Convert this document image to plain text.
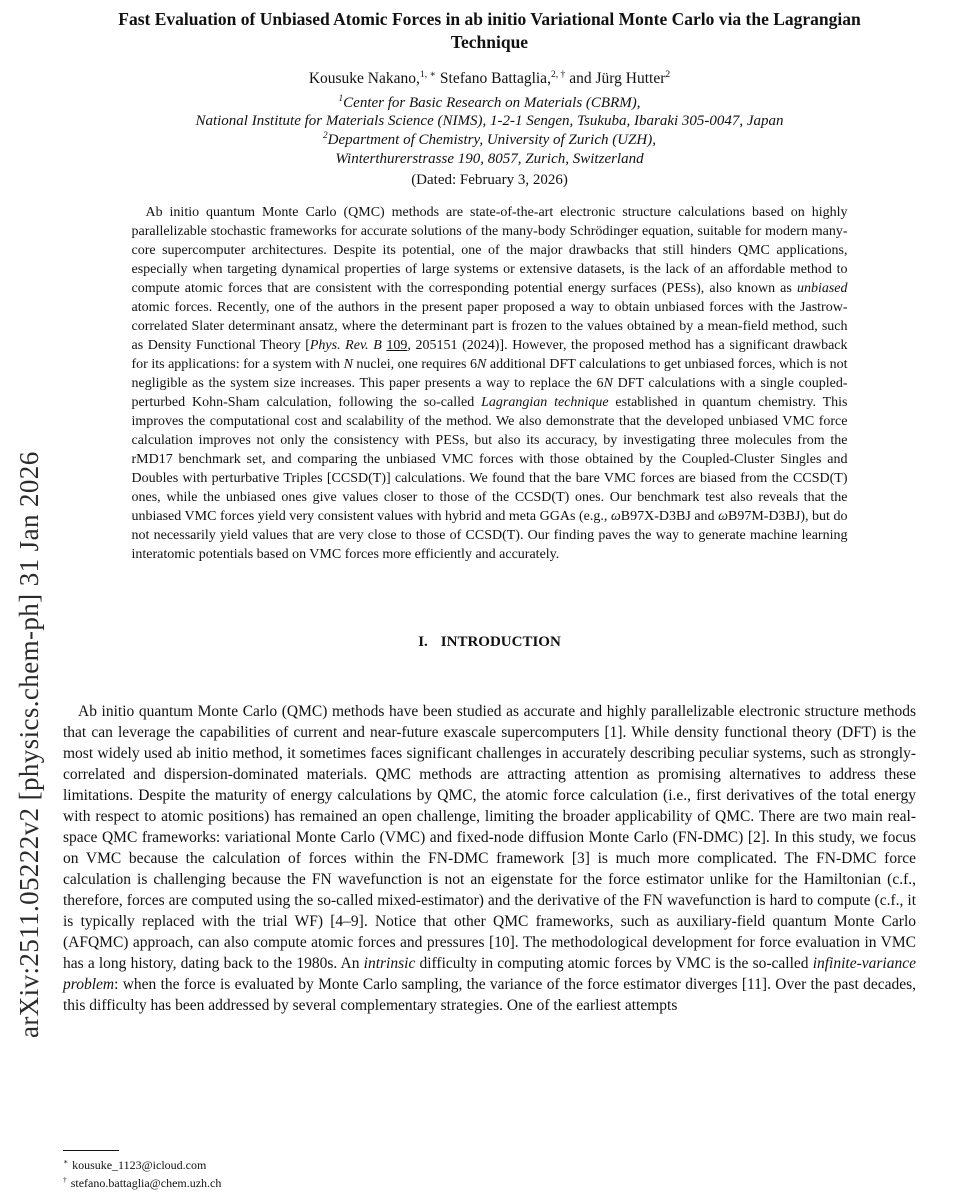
arXiv:2511.05222v2 [physics.chem-ph] 31 Jan 2026
Fast Evaluation of Unbiased Atomic Forces in ab initio Variational Monte Carlo via the Lagrangian Technique
Kousuke Nakano,$^{1, ∗}$ Stefano Battaglia,$^{2, \dagger}$ and Jürg Hutter$^2$
$^1$Center for Basic Research on Materials (CBRM),
National Institute for Materials Science (NIMS), 1-2-1 Sengen, Tsukuba, Ibaraki 305-0047, Japan
$^2$Department of Chemistry, University of Zurich (UZH),
Winterthurerstrasse 190, 8057, Zurich, Switzerland
(Dated: February 3, 2026)
Ab initio quantum Monte Carlo (QMC) methods are state-of-the-art electronic structure calculations based on highly parallelizable stochastic frameworks for accurate solutions of the many-body Schrödinger equation, suitable for modern many-core supercomputer architectures. Despite its potential, one of the major drawbacks that still hinders QMC applications, especially when targeting dynamical properties of large systems or extensive datasets, is the lack of an affordable method to compute atomic forces that are consistent with the corresponding potential energy surfaces (PESs), also known as unbiased atomic forces. Recently, one of the authors in the present paper proposed a way to obtain unbiased forces with the Jastrow-correlated Slater determinant ansatz, where the determinant part is frozen to the values obtained by a mean-field method, such as Density Functional Theory [Phys. Rev. B 109, 205151 (2024)]. However, the proposed method has a significant drawback for its applications: for a system with N nuclei, one requires 6N additional DFT calculations to get unbiased forces, which is not negligible as the system size increases. This paper presents a way to replace the 6N DFT calculations with a single coupled-perturbed Kohn-Sham calculation, following the so-called Lagrangian technique established in quantum chemistry. This improves the computational cost and scalability of the method. We also demonstrate that the developed unbiased VMC force calculation improves not only the consistency with PESs, but also its accuracy, by investigating three molecules from the rMD17 benchmark set, and comparing the unbiased VMC forces with those obtained by the Coupled-Cluster Singles and Doubles with perturbative Triples [CCSD(T)] calculations. We found that the bare VMC forces are biased from the CCSD(T) ones, while the unbiased ones give values closer to those of the CCSD(T) ones. Our benchmark test also reveals that the unbiased VMC forces yield very consistent values with hybrid and meta GGAs (e.g., ωB97X-D3BJ and ωB97M-D3BJ), but do not necessarily yield values that are very close to those of CCSD(T). Our finding paves the way to generate machine learning interatomic potentials based on VMC forces more efficiently and accurately.
I. INTRODUCTION
Ab initio quantum Monte Carlo (QMC) methods have been studied as accurate and highly parallelizable electronic structure methods that can leverage the capabilities of current and near-future exascale supercomputers [1]. While density functional theory (DFT) is the most widely used ab initio method, it sometimes faces significant challenges in accurately describing peculiar systems, such as strongly-correlated and dispersion-dominated materials. QMC methods are attracting attention as promising alternatives to address these limitations. Despite the maturity of energy calculations by QMC, the atomic force calculation (i.e., first derivatives of the total energy with respect to atomic positions) has remained an open challenge, limiting the broader applicability of QMC. There are two main real-space QMC frameworks: variational Monte Carlo (VMC) and fixed-node diffusion Monte Carlo (FN-DMC) [2]. In this study, we focus on VMC because the calculation of forces within the FN-DMC framework [3] is much more complicated. The FN-DMC force calculation is challenging because the FN wavefunction is not an eigenstate for the force estimator unlike for the Hamiltonian (c.f., therefore, forces are computed using the so-called mixed-estimator) and the derivative of the FN wavefunction is hard to compute (c.f., it is typically replaced with the trial WF) [4–9]. Notice that other QMC frameworks, such as auxiliary-field quantum Monte Carlo (AFQMC) approach, can also compute atomic forces and pressures [10]. The methodological development for force evaluation in VMC has a long history, dating back to the 1980s. An intrinsic difficulty in computing atomic forces by VMC is the so-called infinite-variance problem: when the force is evaluated by Monte Carlo sampling, the variance of the force estimator diverges [11]. Over the past decades, this difficulty has been addressed by several complementary strategies. One of the earliest attempts
∗ kousuke_1123@icloud.com
† stefano.battaglia@chem.uzh.ch
